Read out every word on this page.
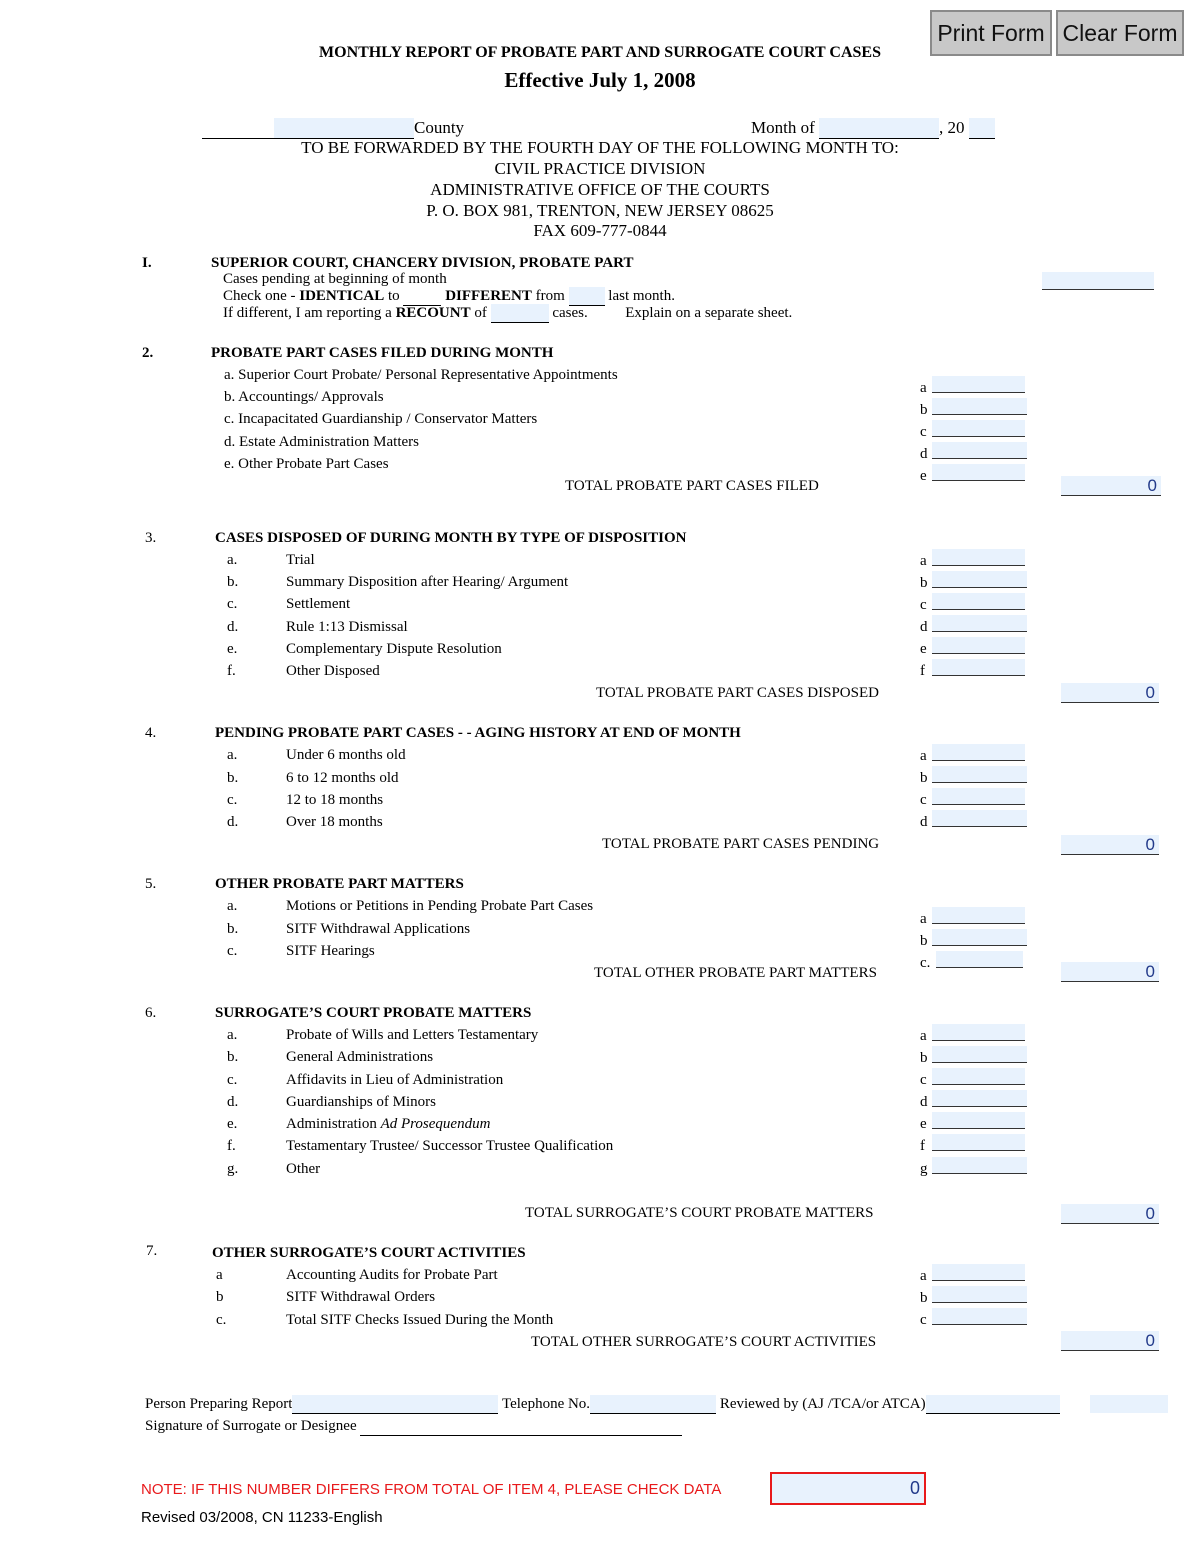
Print Form Clear Form
MONTHLY REPORT OF PROBATE PART AND SURROGATE COURT CASES
Effective July 1, 2008
County	Month of	, 20
TO BE FORWARDED BY THE FOURTH DAY OF THE FOLLOWING MONTH TO:
CIVIL PRACTICE DIVISION
ADMINISTRATIVE OFFICE OF THE COURTS
P. O. BOX 981, TRENTON, NEW JERSEY 08625
FAX 609-777-0844
I.	SUPERIOR COURT, CHANCERY DIVISION, PROBATE PART
Cases pending at beginning of month
Check one - IDENTICAL to	DIFFERENT from	last month.
If different, I am reporting a RECOUNT of	cases.	Explain on a separate sheet.
2.	PROBATE PART CASES FILED DURING MONTH
a. Superior Court Probate/ Personal Representative Appointments
b. Accountings/ Approvals
c. Incapacitated Guardianship / Conservator Matters
d. Estate Administration Matters
e. Other Probate Part Cases
a
b
c
d
e
TOTAL PROBATE PART CASES FILED	0
3.	CASES DISPOSED OF DURING MONTH BY TYPE OF DISPOSITION
a.	Trial
b.	Summary Disposition after Hearing/ Argument
c.	Settlement
d.	Rule 1:13 Dismissal
e.	Complementary Dispute Resolution
f.	Other Disposed
a
b
c
d
e
f
TOTAL PROBATE PART CASES DISPOSED	0
4.	PENDING PROBATE PART CASES - - AGING HISTORY AT END OF MONTH
a.	Under 6 months old
b.	6 to 12 months old
c.	12 to 18 months
d.	Over 18 months
a
b
c
d
TOTAL PROBATE PART CASES PENDING	0
5.	OTHER PROBATE PART MATTERS
a.	Motions or Petitions in Pending Probate Part Cases
b.	SITF Withdrawal Applications
c.	SITF Hearings
a
b
c.
TOTAL OTHER PROBATE PART MATTERS	0
6.	SURROGATE’S COURT PROBATE MATTERS
a.	Probate of Wills and Letters Testamentary
b.	General Administrations
c.	Affidavits in Lieu of Administration
d.	Guardianships of Minors
e.	Administration Ad Prosequendum
f.	Testamentary Trustee/ Successor Trustee Qualification
g.	Other
a
b
c
d
e
f
g
TOTAL SURROGATE’S COURT PROBATE MATTERS	0
7.	OTHER SURROGATE’S COURT ACTIVITIES
a	Accounting Audits for Probate Part
b	SITF Withdrawal Orders
c.	Total SITF Checks Issued During the Month
a
b
c
TOTAL OTHER SURROGATE’S COURT ACTIVITIES	0
Person Preparing Report	Telephone No.	Reviewed by (AJ /TCA/or ATCA)
Signature of Surrogate or Designee
NOTE: IF THIS NUMBER DIFFERS FROM TOTAL OF ITEM 4, PLEASE CHECK DATA	0
Revised 03/2008, CN 11233-English
